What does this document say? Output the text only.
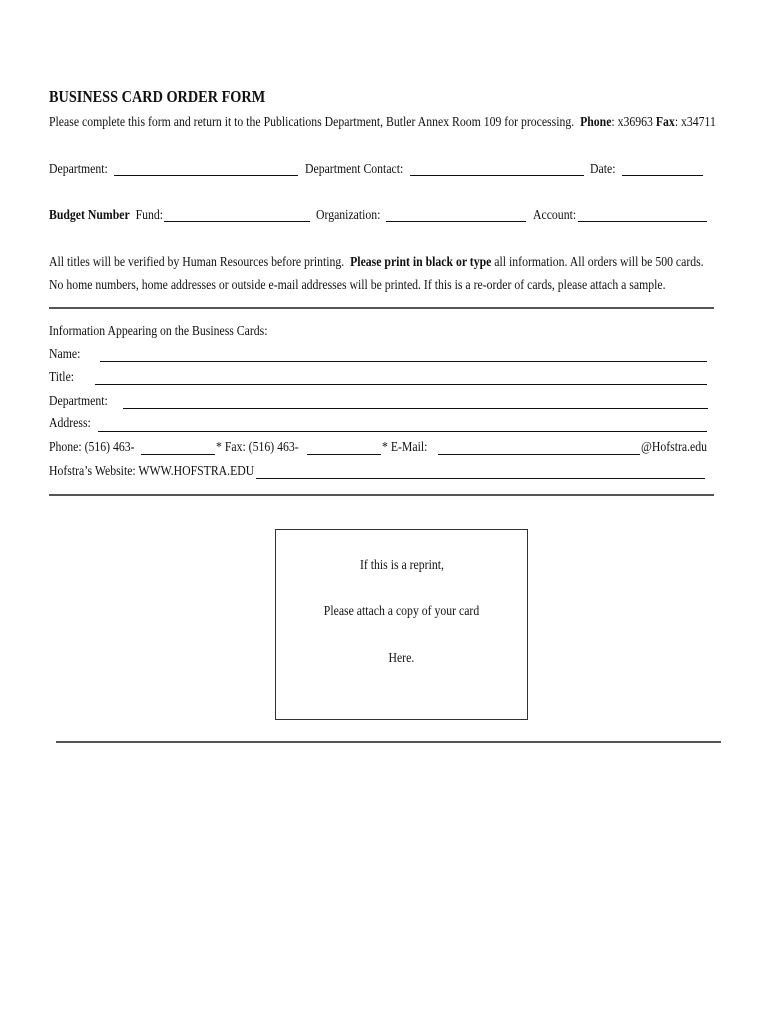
BUSINESS CARD ORDER FORM
Please complete this form and return it to the Publications Department, Butler Annex Room 109 for processing. Phone: x36963 Fax: x34711
Department:	Department Contact:	Date:
Budget Number Fund:	Organization:	Account:
All titles will be verified by Human Resources before printing. Please print in black or type all information. All orders will be 500 cards.
No home numbers, home addresses or outside e-mail addresses will be printed. If this is a re-order of cards, please attach a sample.
Information Appearing on the Business Cards:
Name:
Title:
Department:
Address:
Phone: (516) 463-	* Fax: (516) 463-	* E-Mail:	@Hofstra.edu
Hofstra’s Website: WWW.HOFSTRA.EDU
If this is a reprint,
Please attach a copy of your card
Here.
